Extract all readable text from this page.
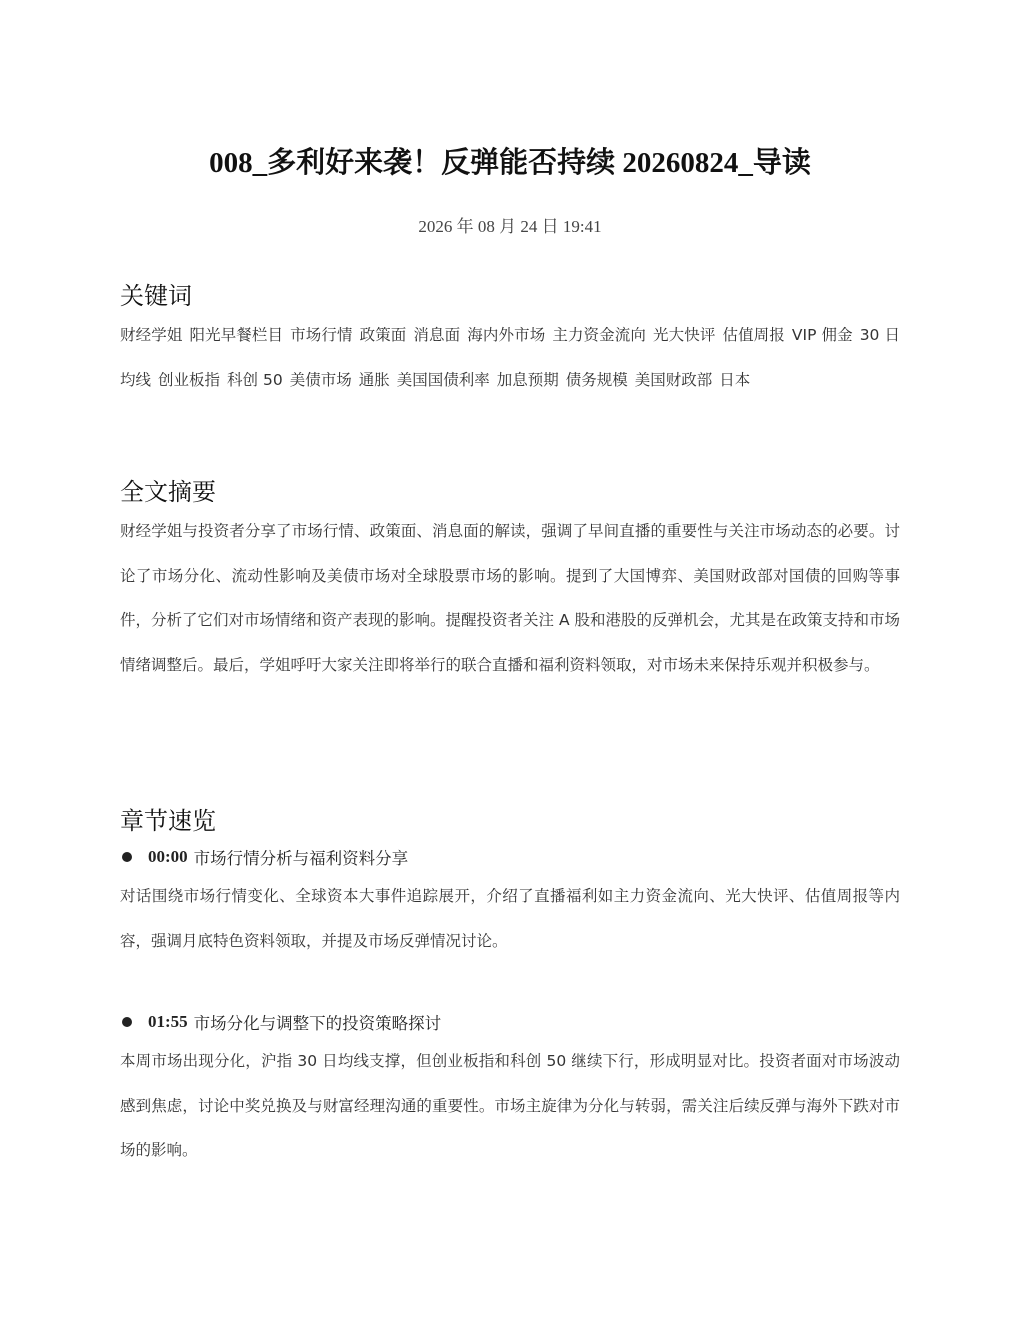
008_多利好来袭！反弹能否持续 20260824_导读
2026 年 08 月 24 日 19:41
关键词
财经学姐 阳光早餐栏目 市场行情 政策面 消息面 海内外市场 主力资金流向 光大快评 估值周报 VIP 佣金 30 日均线 创业板指 科创 50 美债市场 通胀 美国国债利率 加息预期 债务规模 美国财政部 日本
全文摘要
财经学姐与投资者分享了市场行情、政策面、消息面的解读，强调了早间直播的重要性与关注市场动态的必要。讨论了市场分化、流动性影响及美债市场对全球股票市场的影响。提到了大国博弈、美国财政部对国债的回购等事件，分析了它们对市场情绪和资产表现的影响。提醒投资者关注 A 股和港股的反弹机会，尤其是在政策支持和市场情绪调整后。最后，学姐呼吁大家关注即将举行的联合直播和福利资料领取，对市场未来保持乐观并积极参与。
章节速览
00:00 市场行情分析与福利资料分享
对话围绕市场行情变化、全球资本大事件追踪展开，介绍了直播福利如主力资金流向、光大快评、估值周报等内容，强调月底特色资料领取，并提及市场反弹情况讨论。
01:55 市场分化与调整下的投资策略探讨
本周市场出现分化，沪指 30 日均线支撑，但创业板指和科创 50 继续下行，形成明显对比。投资者面对市场波动感到焦虑，讨论中奖兑换及与财富经理沟通的重要性。市场主旋律为分化与转弱，需关注后续反弹与海外下跌对市场的影响。
